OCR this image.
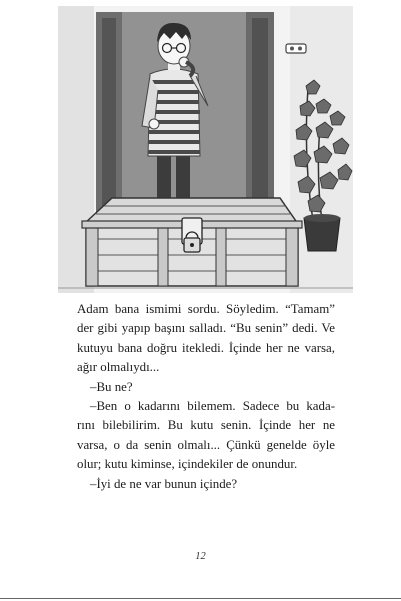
Adam bana ismimi sordu. Söyledim. “Tamam”
der gibi yapıp başını salladı. “Bu senin” dedi. Ve
kutuyu bana doğru itekledi. İçinde her ne varsa,
ağır olmalıydı...
–Bu ne?
–Ben o kadarını bilemem. Sadece bu kada-
rını bilebilirim. Bu kutu senin. İçinde her ne
varsa, o da senin olmalı... Çünkü genelde öyle
olur; kutu kiminse, içindekiler de onundur.
–İyi de ne var bunun içinde?
12
